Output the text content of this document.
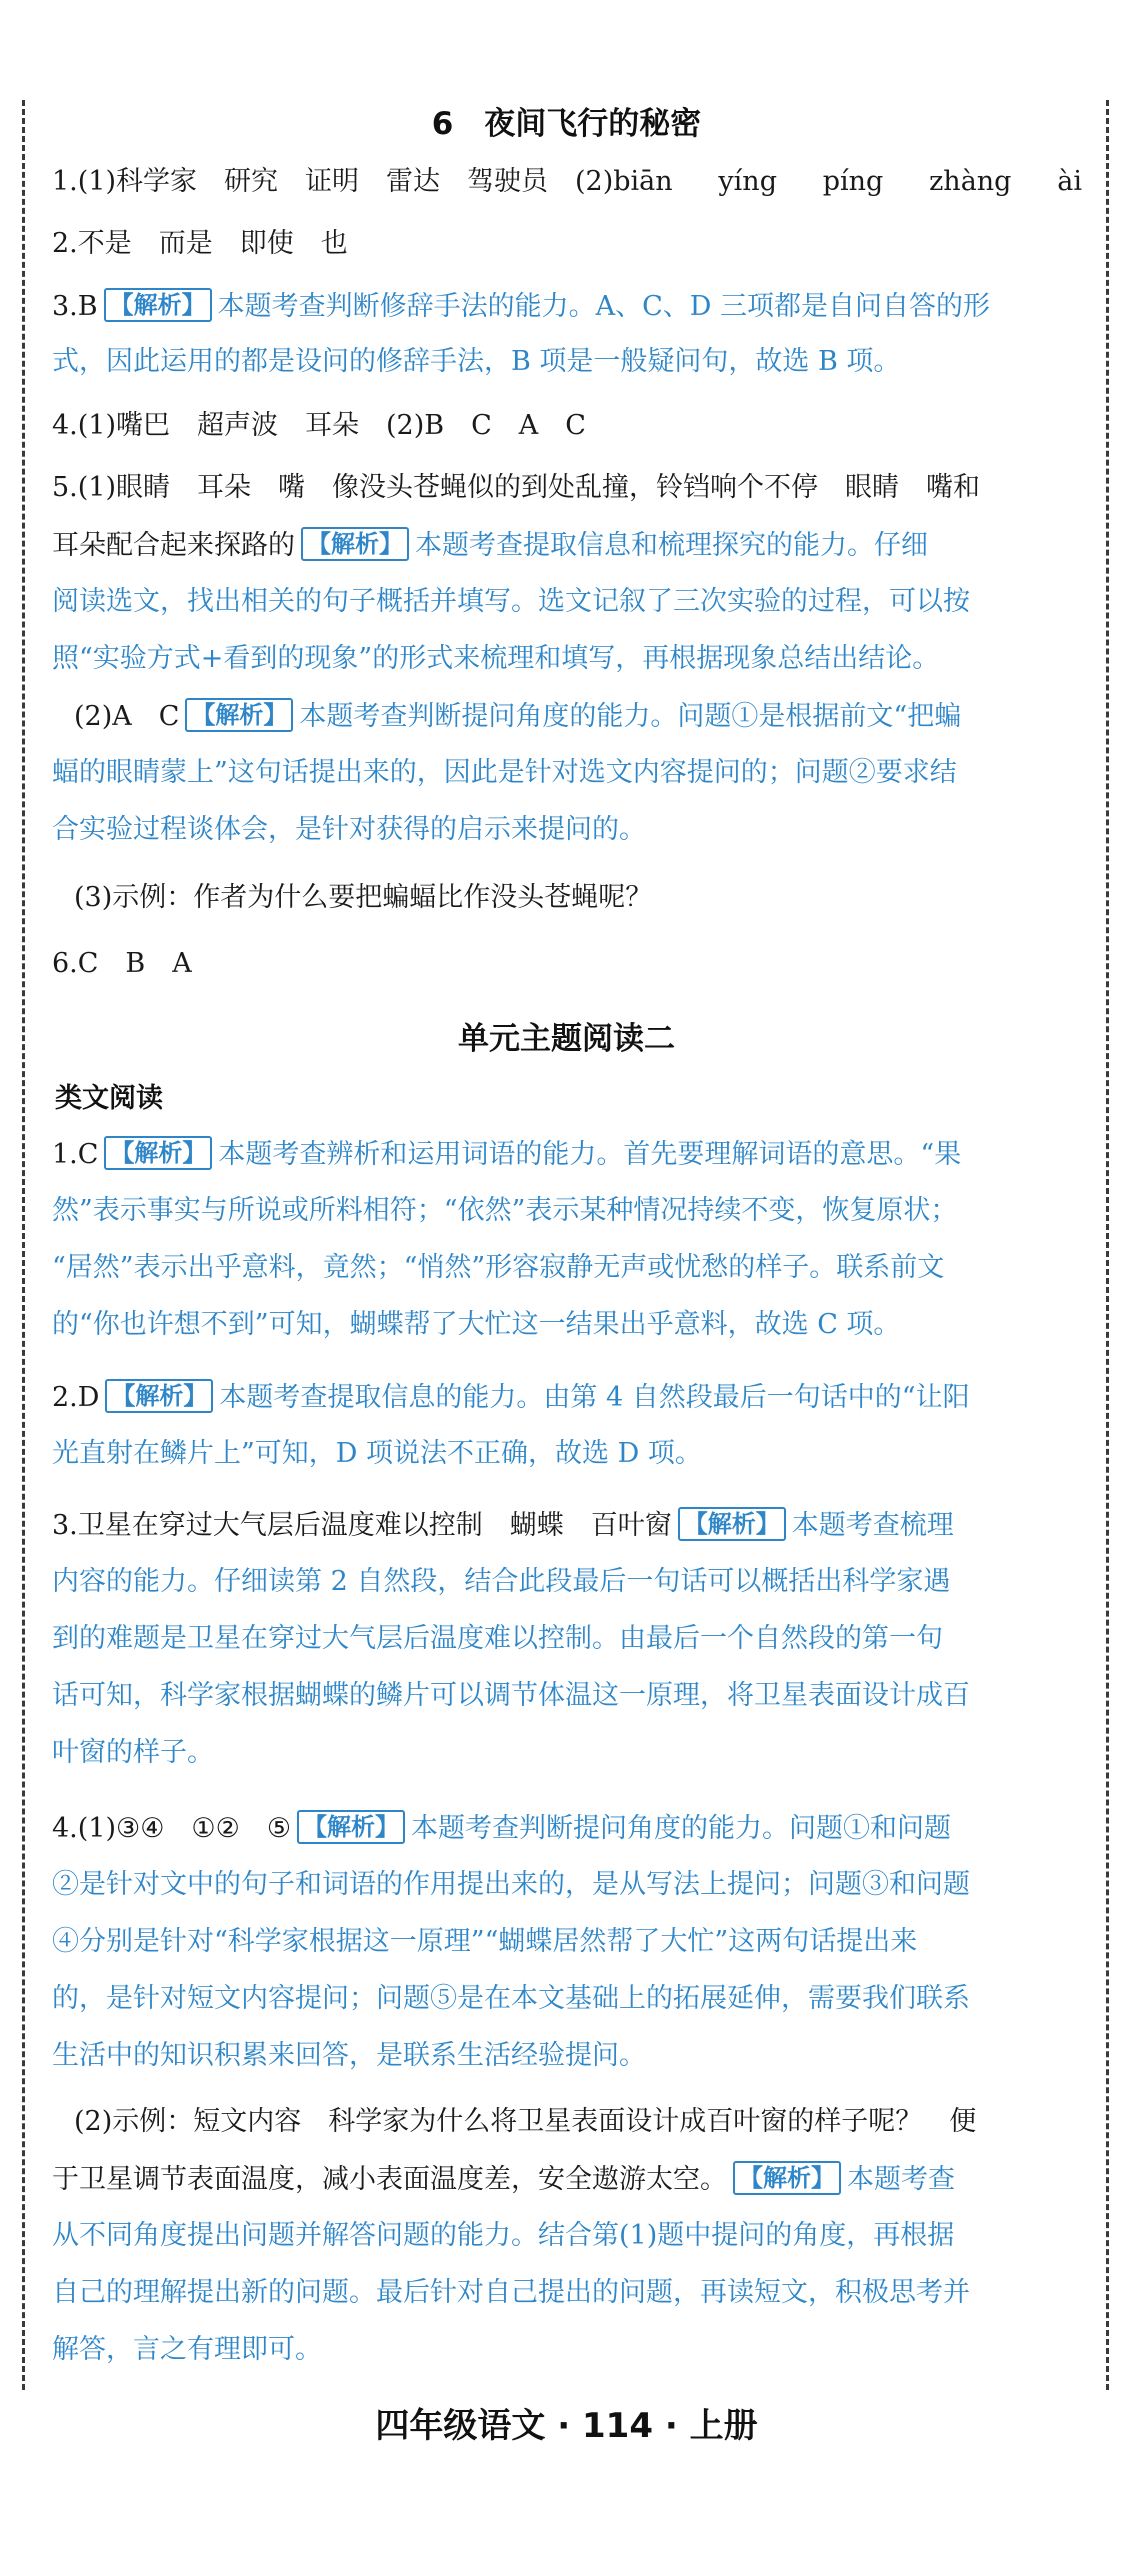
6　夜间飞行的秘密
1.(1)科学家　研究　证明　雷达　驾驶员　(2)biān yíng píng zhàng ài
2.不是　而是　即使　也
3.B 【解析】 本题考查判断修辞手法的能力。A、C、D 三项都是自问自答的形
式，因此运用的都是设问的修辞手法，B 项是一般疑问句，故选 B 项。
4.(1)嘴巴　超声波　耳朵　(2)B　C　A　C
5.(1)眼睛　耳朵　嘴　像没头苍蝇似的到处乱撞，铃铛响个不停　眼睛　嘴和
耳朵配合起来探路的 【解析】 本题考查提取信息和梳理探究的能力。仔细
阅读选文，找出相关的句子概括并填写。选文记叙了三次实验的过程，可以按
照“实验方式+看到的现象”的形式来梳理和填写，再根据现象总结出结论。
(2)A　C 【解析】 本题考查判断提问角度的能力。问题①是根据前文“把蝙
蝠的眼睛蒙上”这句话提出来的，因此是针对选文内容提问的；问题②要求结
合实验过程谈体会，是针对获得的启示来提问的。
(3)示例：作者为什么要把蝙蝠比作没头苍蝇呢？
6.C　B　A
单元主题阅读二
类文阅读
1.C 【解析】 本题考查辨析和运用词语的能力。首先要理解词语的意思。“果
然”表示事实与所说或所料相符；“依然”表示某种情况持续不变，恢复原状；
“居然”表示出乎意料，竟然；“悄然”形容寂静无声或忧愁的样子。联系前文
的“你也许想不到”可知，蝴蝶帮了大忙这一结果出乎意料，故选 C 项。
2.D 【解析】 本题考查提取信息的能力。由第 4 自然段最后一句话中的“让阳
光直射在鳞片上”可知，D 项说法不正确，故选 D 项。
3.卫星在穿过大气层后温度难以控制　蝴蝶　百叶窗 【解析】 本题考查梳理
内容的能力。仔细读第 2 自然段，结合此段最后一句话可以概括出科学家遇
到的难题是卫星在穿过大气层后温度难以控制。由最后一个自然段的第一句
话可知，科学家根据蝴蝶的鳞片可以调节体温这一原理，将卫星表面设计成百
叶窗的样子。
4.(1)③④　①②　⑤ 【解析】 本题考查判断提问角度的能力。问题①和问题
②是针对文中的句子和词语的作用提出来的，是从写法上提问；问题③和问题
④分别是针对“科学家根据这一原理”“蝴蝶居然帮了大忙”这两句话提出来
的，是针对短文内容提问；问题⑤是在本文基础上的拓展延伸，需要我们联系
生活中的知识积累来回答，是联系生活经验提问。
(2)示例：短文内容　科学家为什么将卫星表面设计成百叶窗的样子呢？　便
于卫星调节表面温度，减小表面温度差，安全遨游太空。 【解析】 本题考查
从不同角度提出问题并解答问题的能力。结合第(1)题中提问的角度，再根据
自己的理解提出新的问题。最后针对自己提出的问题，再读短文，积极思考并
解答，言之有理即可。
四年级语文 · 114 · 上册
